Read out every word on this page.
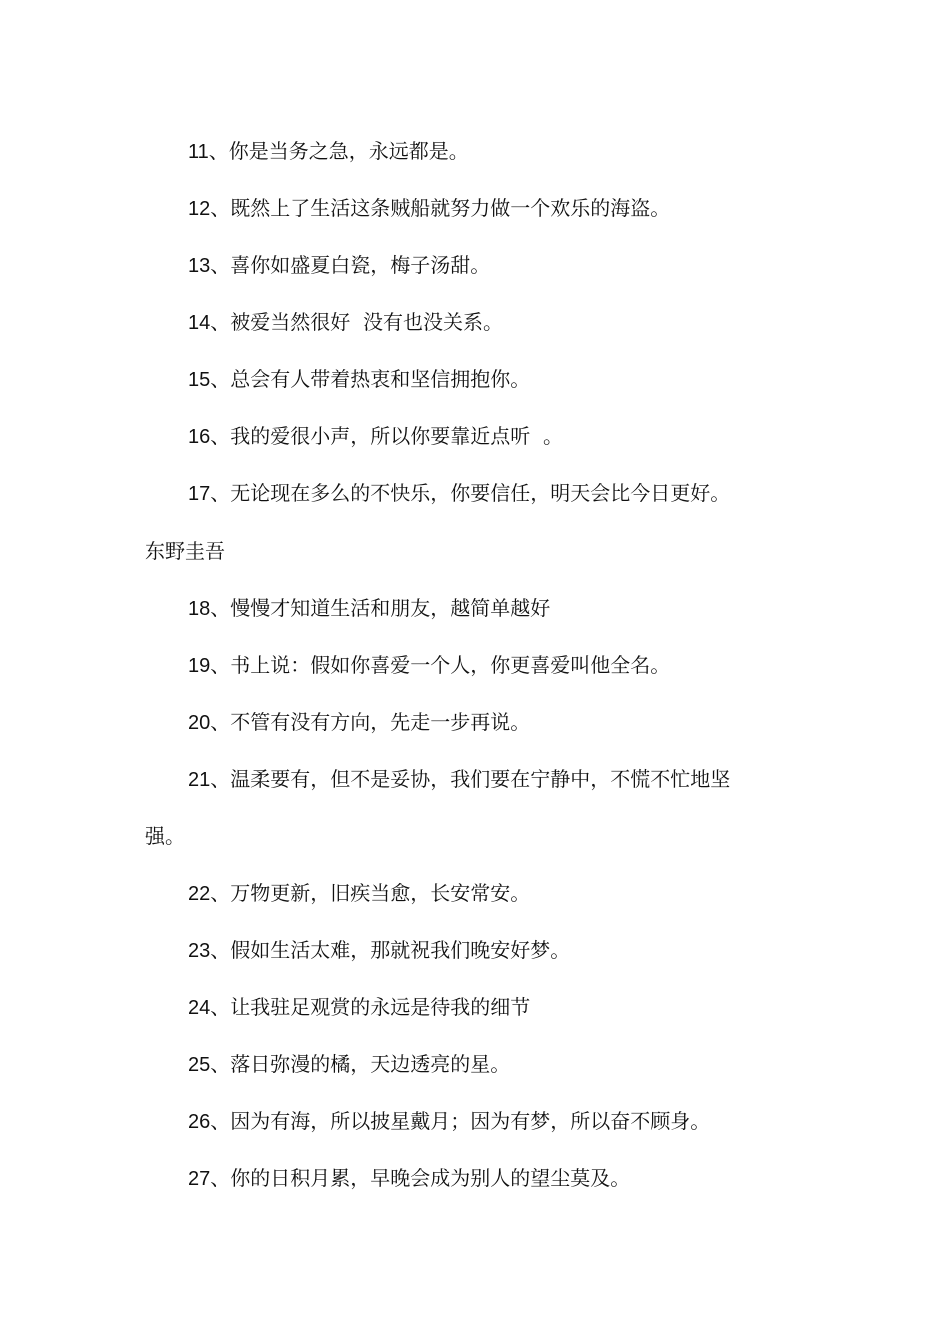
11、你是当务之急，永远都是。
12、既然上了生活这条贼船就努力做一个欢乐的海盗。
13、喜你如盛夏白瓷，梅子汤甜。
14、被爱当然很好  没有也没关系。
15、总会有人带着热衷和坚信拥抱你。
16、我的爱很小声，所以你要靠近点听  。
17、无论现在多么的不快乐，你要信任，明天会比今日更好。
东野圭吾
18、慢慢才知道生活和朋友，越简单越好
19、书上说：假如你喜爱一个人，你更喜爱叫他全名。
20、不管有没有方向，先走一步再说。
21、温柔要有，但不是妥协，我们要在宁静中，不慌不忙地坚
强。
22、万物更新，旧疾当愈，长安常安。
23、假如生活太难，那就祝我们晚安好梦。
24、让我驻足观赏的永远是待我的细节
25、落日弥漫的橘，天边透亮的星。
26、因为有海，所以披星戴月；因为有梦，所以奋不顾身。
27、你的日积月累，早晚会成为别人的望尘莫及。
